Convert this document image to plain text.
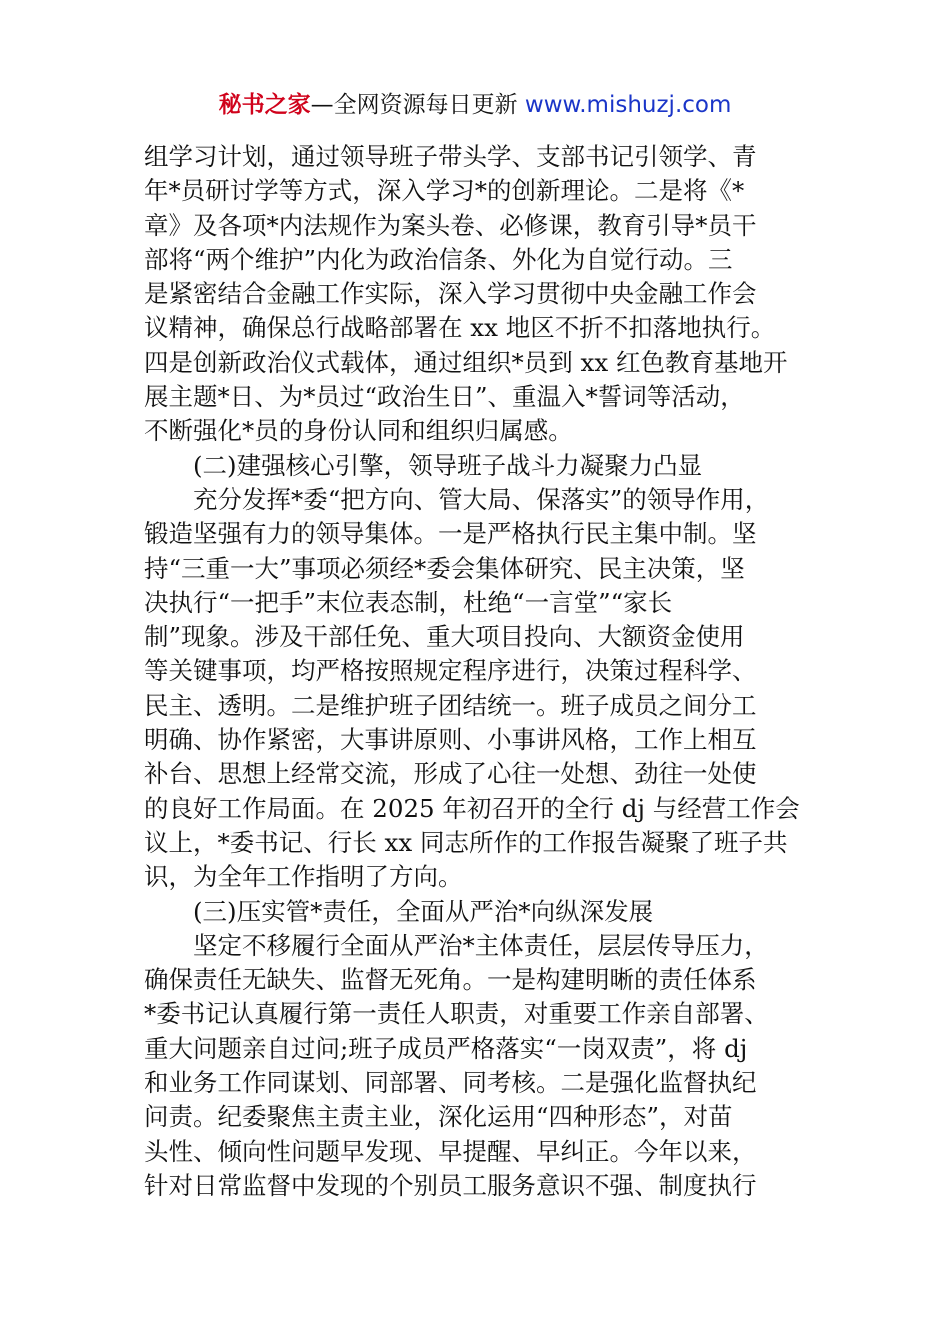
秘书之家—全网资源每日更新 www.mishuzj.com
组学习计划，通过领导班子带头学、支部书记引领学、青
年*员研讨学等方式，深入学习*的创新理论。二是将《*
章》及各项*内法规作为案头卷、必修课，教育引导*员干
部将“两个维护”内化为政治信条、外化为自觉行动。三
是紧密结合金融工作实际，深入学习贯彻中央金融工作会
议精神，确保总行战略部署在 xx 地区不折不扣落地执行。
四是创新政治仪式载体，通过组织*员到 xx 红色教育基地开
展主题*日、为*员过“政治生日”、重温入*誓词等活动，
不断强化*员的身份认同和组织归属感。
(二)建强核心引擎，领导班子战斗力凝聚力凸显
充分发挥*委“把方向、管大局、保落实”的领导作用，
锻造坚强有力的领导集体。一是严格执行民主集中制。坚
持“三重一大”事项必须经*委会集体研究、民主决策，坚
决执行“一把手”末位表态制，杜绝“一言堂”“家长
制”现象。涉及干部任免、重大项目投向、大额资金使用
等关键事项，均严格按照规定程序进行，决策过程科学、
民主、透明。二是维护班子团结统一。班子成员之间分工
明确、协作紧密，大事讲原则、小事讲风格，工作上相互
补台、思想上经常交流，形成了心往一处想、劲往一处使
的良好工作局面。在 2025 年初召开的全行 dj 与经营工作会
议上，*委书记、行长 xx 同志所作的工作报告凝聚了班子共
识，为全年工作指明了方向。
(三)压实管*责任，全面从严治*向纵深发展
坚定不移履行全面从严治*主体责任，层层传导压力，
确保责任无缺失、监督无死角。一是构建明晰的责任体系
*委书记认真履行第一责任人职责，对重要工作亲自部署、
重大问题亲自过问;班子成员严格落实“一岗双责”，将 dj
和业务工作同谋划、同部署、同考核。二是强化监督执纪
问责。纪委聚焦主责主业，深化运用“四种形态”，对苗
头性、倾向性问题早发现、早提醒、早纠正。今年以来，
针对日常监督中发现的个别员工服务意识不强、制度执行
